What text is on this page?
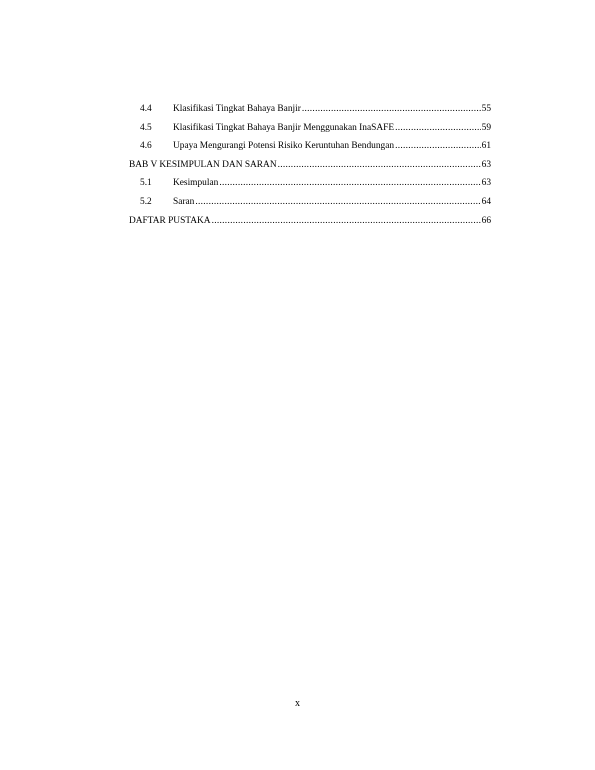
4.4	Klasifikasi Tingkat Bahaya Banjir .....	55
4.5	Klasifikasi Tingkat Bahaya Banjir Menggunakan InaSAFE .....	59
4.6	Upaya Mengurangi Potensi Risiko Keruntuhan Bendungan .....	61
BAB V KESIMPULAN DAN SARAN .....	63
5.1	Kesimpulan .....	63
5.2	Saran .....	64
DAFTAR PUSTAKA .....	66
x
